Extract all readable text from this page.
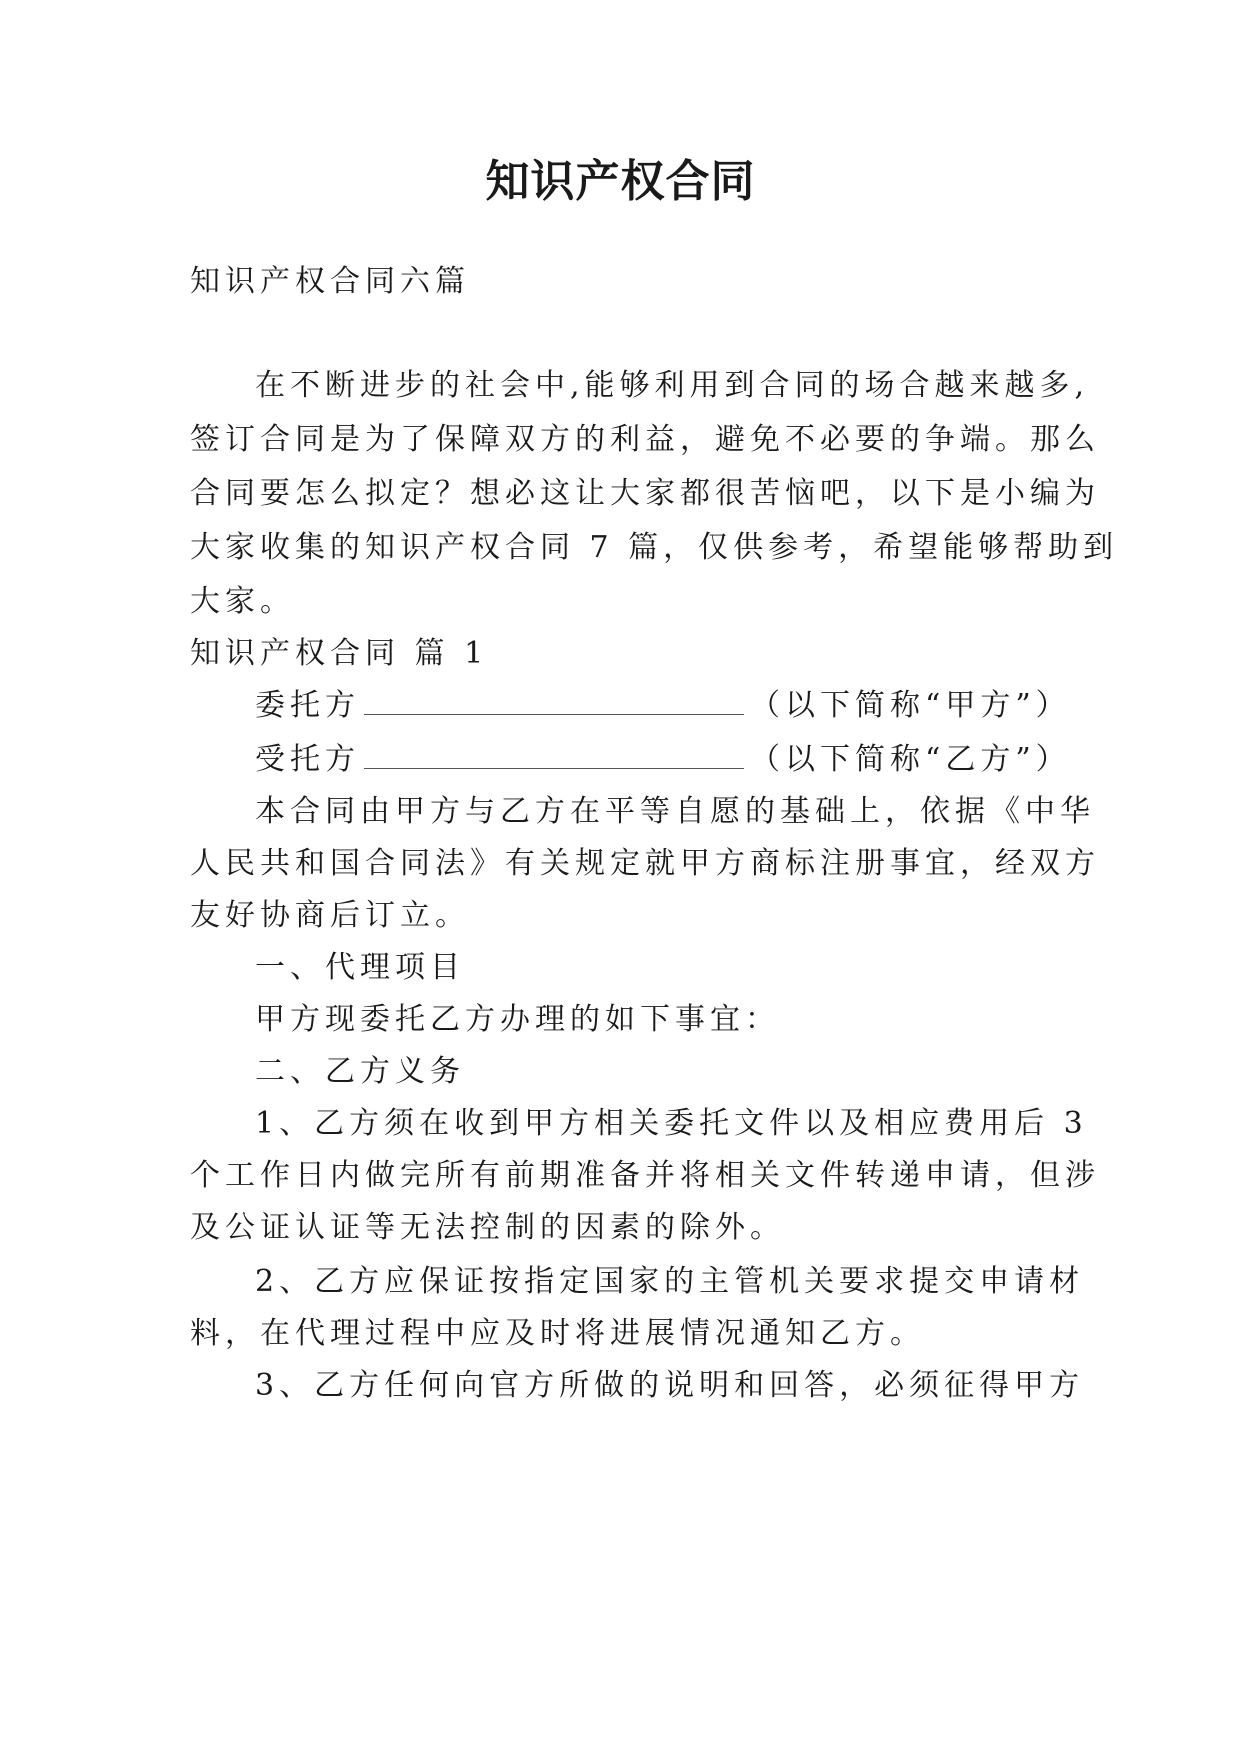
知识产权合同

知识产权合同六篇

在不断进步的社会中,能够利用到合同的场合越来越多,

签订合同是为了保障双方的利益，避免不必要的争端。那么

合同要怎么拟定？想必这让大家都很苦恼吧，以下是小编为

大家收集的知识产权合同 7 篇，仅供参考，希望能够帮助到

大家。

知识产权合同 篇 1

委托方	（以下简称“甲方”）

受托方	（以下简称“乙方”）

本合同由甲方与乙方在平等自愿的基础上，依据《中华

人民共和国合同法》有关规定就甲方商标注册事宜，经双方

友好协商后订立。

一、代理项目

甲方现委托乙方办理的如下事宜：

二、乙方义务

1、乙方须在收到甲方相关委托文件以及相应费用后 3

个工作日内做完所有前期准备并将相关文件转递申请，但涉

及公证认证等无法控制的因素的除外。

2、乙方应保证按指定国家的主管机关要求提交申请材

料，在代理过程中应及时将进展情况通知乙方。

3、乙方任何向官方所做的说明和回答，必须征得甲方
